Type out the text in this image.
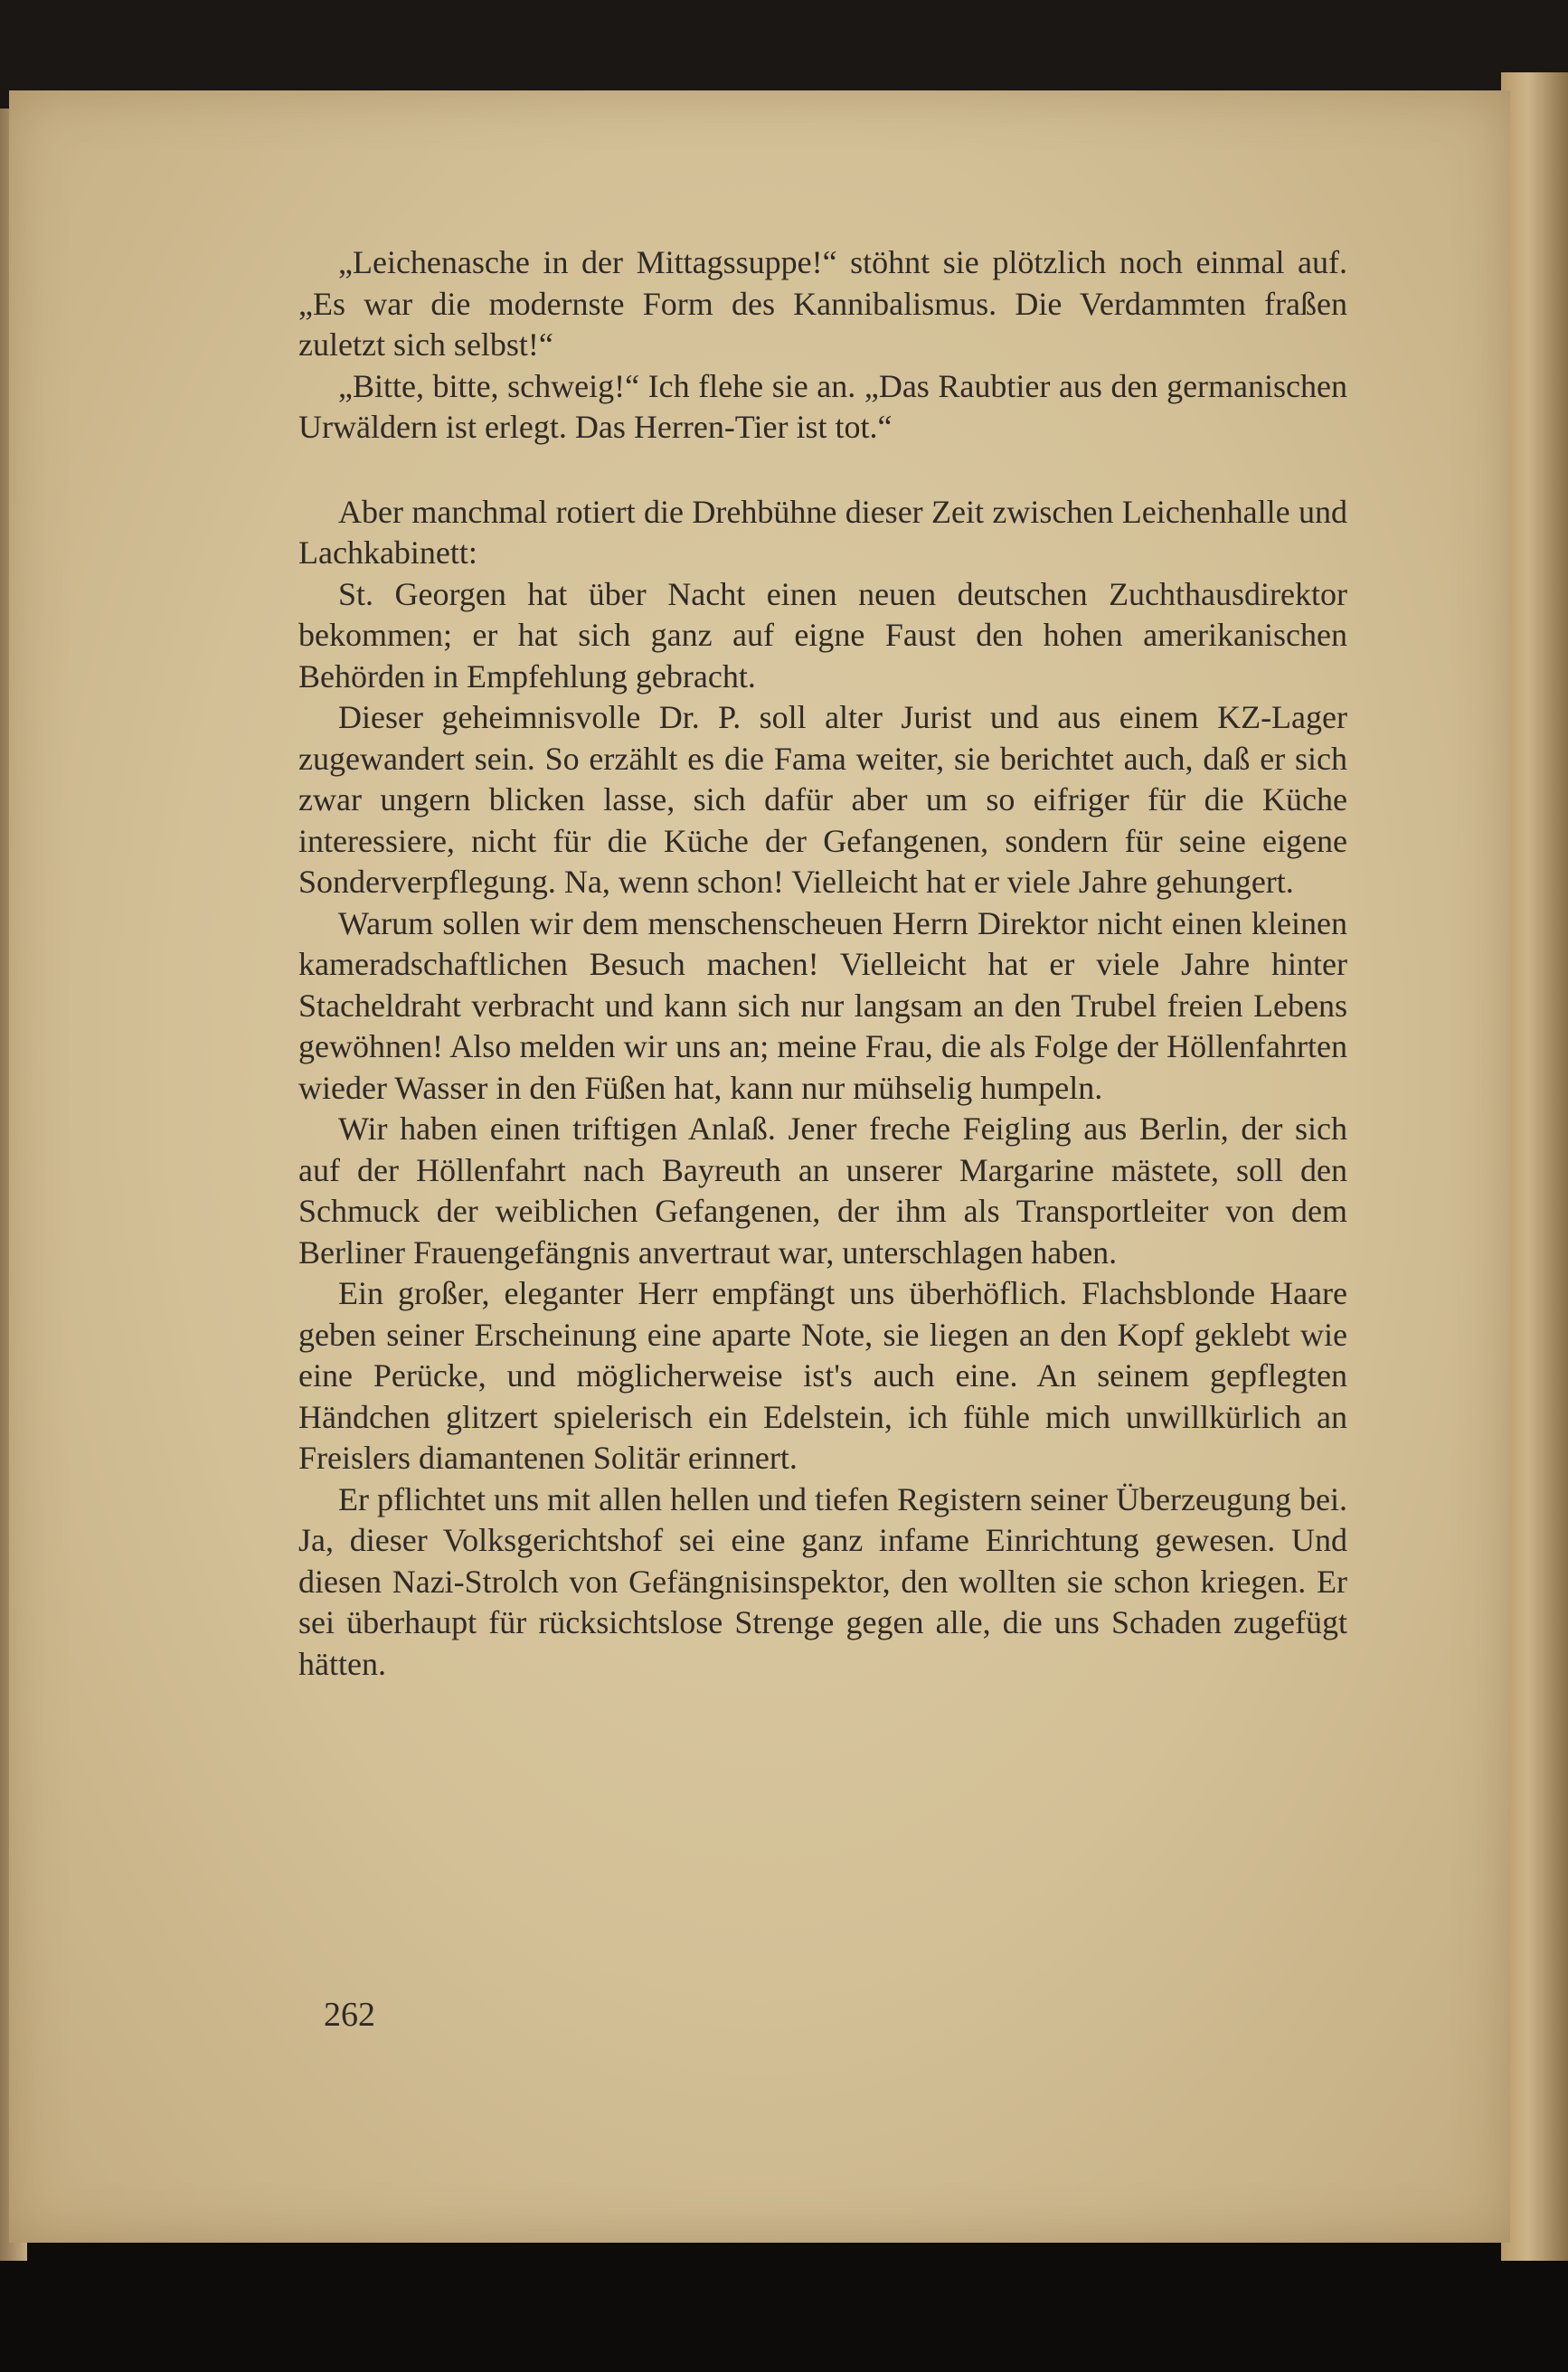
„Leichenasche in der Mittagssuppe!“ stöhnt sie plötzlich noch einmal auf. „Es war die modernste Form des Kannibalismus. Die Verdammten fraßen zuletzt sich selbst!“

„Bitte, bitte, schweig!“ Ich flehe sie an. „Das Raubtier aus den germanischen Urwäldern ist erlegt. Das Herren-Tier ist tot.“

Aber manchmal rotiert die Drehbühne dieser Zeit zwischen Leichenhalle und Lachkabinett:

St. Georgen hat über Nacht einen neuen deutschen Zuchthausdirektor bekommen; er hat sich ganz auf eigne Faust den hohen amerikanischen Behörden in Empfehlung gebracht.

Dieser geheimnisvolle Dr. P. soll alter Jurist und aus einem KZ-Lager zugewandert sein. So erzählt es die Fama weiter, sie berichtet auch, daß er sich zwar ungern blicken lasse, sich dafür aber um so eifriger für die Küche interessiere, nicht für die Küche der Gefangenen, sondern für seine eigene Sonderverpflegung. Na, wenn schon! Vielleicht hat er viele Jahre gehungert.

Warum sollen wir dem menschenscheuen Herrn Direktor nicht einen kleinen kameradschaftlichen Besuch machen! Vielleicht hat er viele Jahre hinter Stacheldraht verbracht und kann sich nur langsam an den Trubel freien Lebens gewöhnen! Also melden wir uns an; meine Frau, die als Folge der Höllenfahrten wieder Wasser in den Füßen hat, kann nur mühselig humpeln.

Wir haben einen triftigen Anlaß. Jener freche Feigling aus Berlin, der sich auf der Höllenfahrt nach Bayreuth an unserer Margarine mästete, soll den Schmuck der weiblichen Gefangenen, der ihm als Transportleiter von dem Berliner Frauengefängnis anvertraut war, unterschlagen haben.

Ein großer, eleganter Herr empfängt uns überhöflich. Flachsblonde Haare geben seiner Erscheinung eine aparte Note, sie liegen an den Kopf geklebt wie eine Perücke, und möglicherweise ist's auch eine. An seinem gepflegten Händchen glitzert spielerisch ein Edelstein, ich fühle mich unwillkürlich an Freislers diamantenen Solitär erinnert.

Er pflichtet uns mit allen hellen und tiefen Registern seiner Überzeugung bei. Ja, dieser Volksgerichtshof sei eine ganz infame Einrichtung gewesen. Und diesen Nazi-Strolch von Gefängnisinspektor, den wollten sie schon kriegen. Er sei überhaupt für rücksichtslose Strenge gegen alle, die uns Schaden zugefügt hätten.

262
